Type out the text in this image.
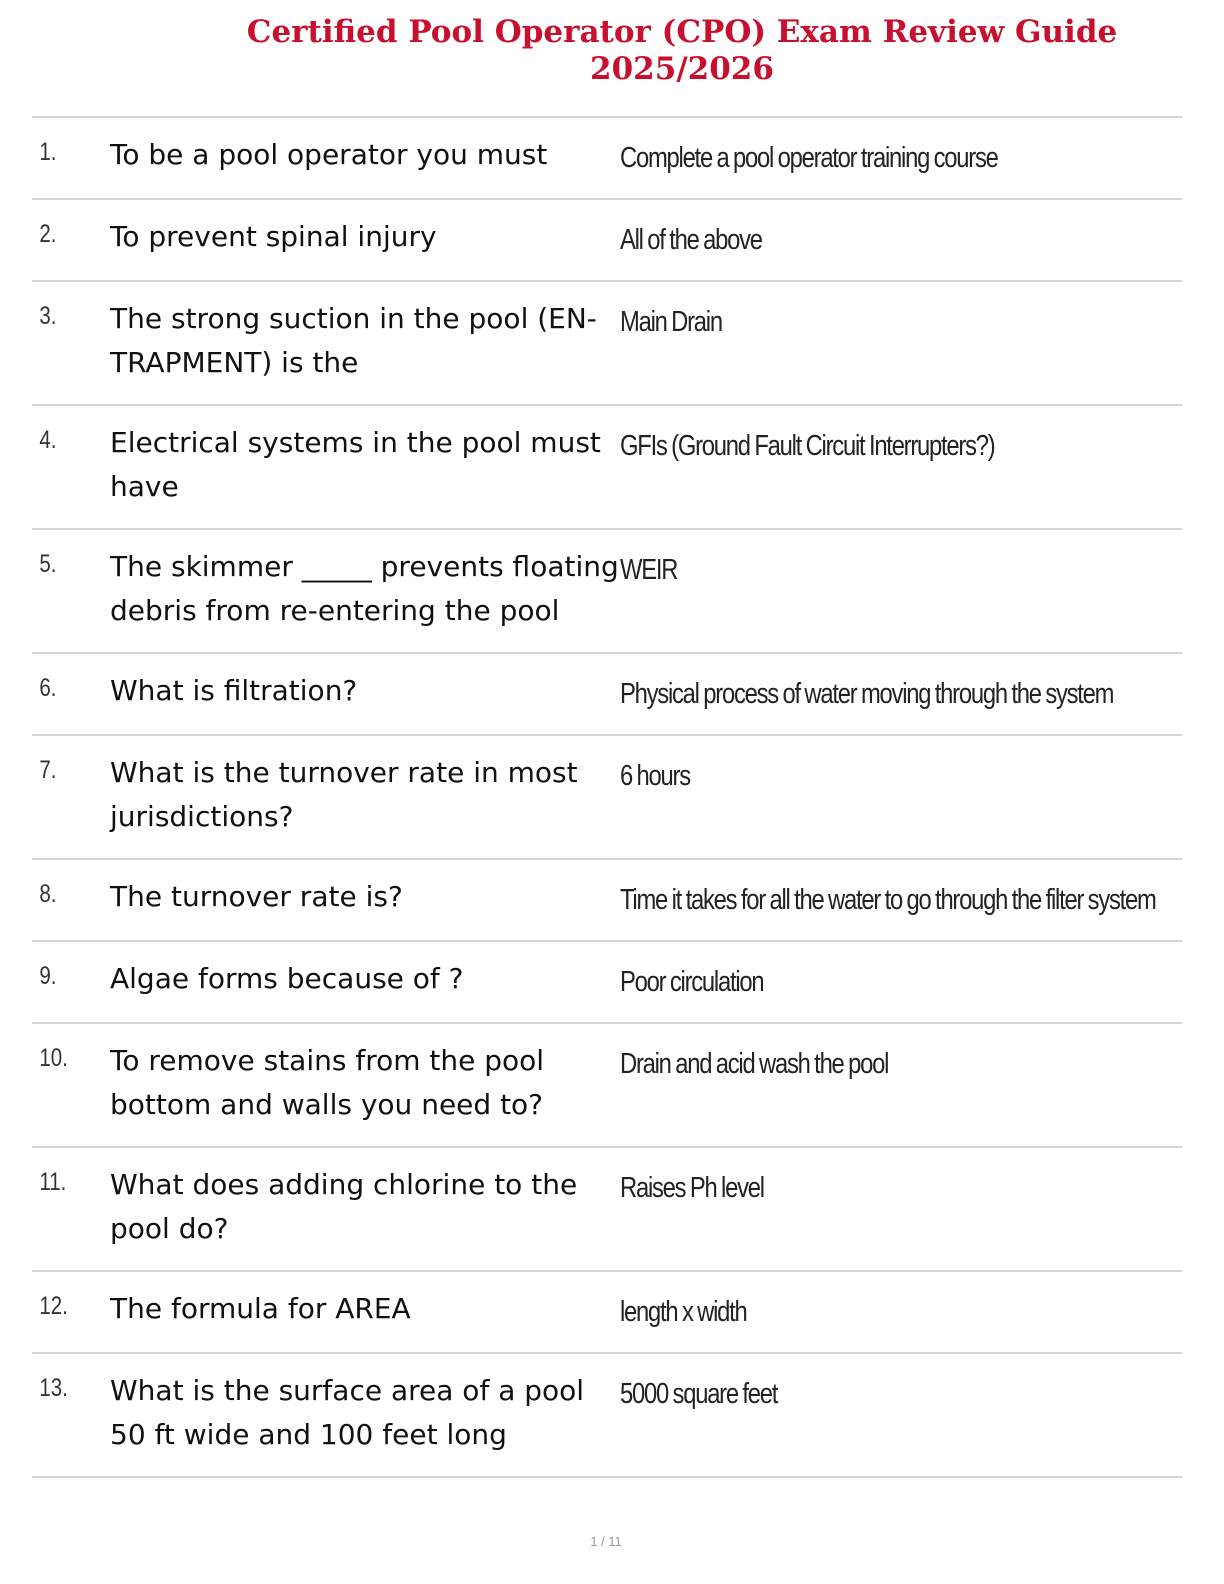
Certified Pool Operator (CPO) Exam Review Guide
2025/2026
1.	To be a pool operator you must	Complete a pool operator training course
2.	To prevent spinal injury	All of the above
3.	The strong suction in the pool (EN-TRAPMENT) is the
Main Drain
4.	Electrical systems in the pool must have
GFIs (Ground Fault Circuit Interrupters?)
5.	The skimmer _____ prevents floating debris from re-entering the pool
WEIR
6.	What is filtration?	Physical process of water moving through the system
7.	What is the turnover rate in most jurisdictions?
6 hours
8.	The turnover rate is?	Time it takes for all the water to go through the filter system
9.	Algae forms because of ?	Poor circulation
10.	To remove stains from the pool bottom and walls you need to?
Drain and acid wash the pool
11.	What does adding chlorine to the pool do?
Raises Ph level
12.	The formula for AREA	length x width
13.	What is the surface area of a pool 50 ft wide and 100 feet long
5000 square feet
1 / 11
